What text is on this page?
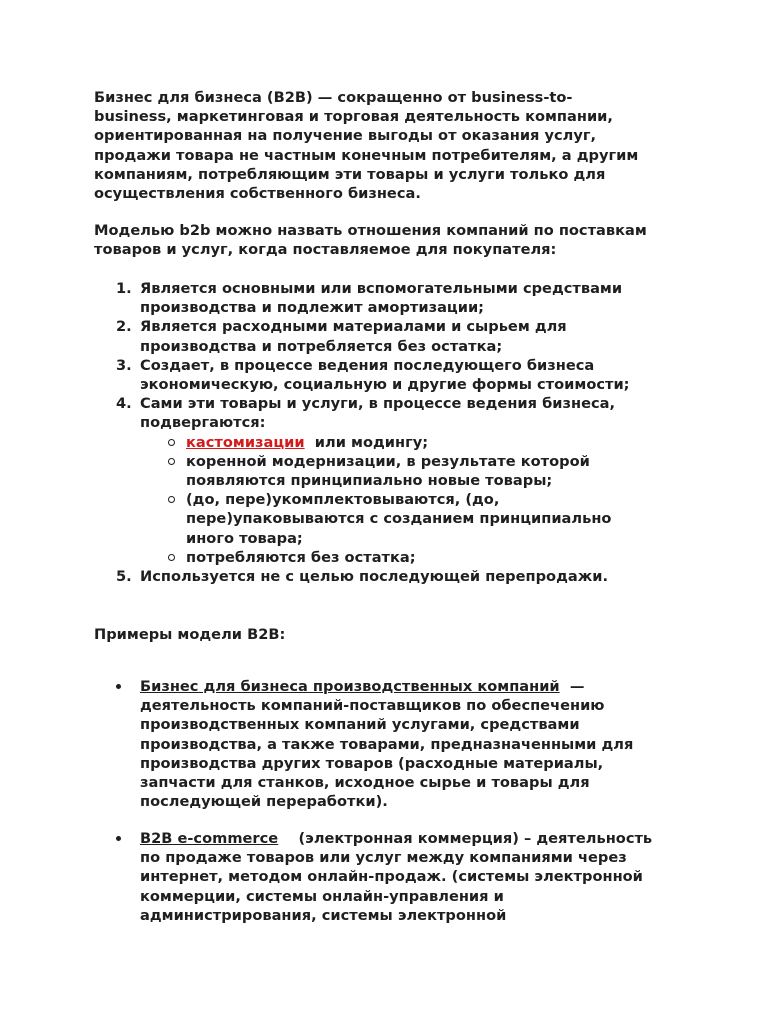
Бизнес для бизнеса (B2B) — сокращенно от business-to-
business, маркетинговая и торговая деятельность компании,
ориентированная на получение выгоды от оказания услуг,
продажи товара не частным конечным потребителям, а другим
компаниям, потребляющим эти товары и услуги только для
осуществления собственного бизнеса.
Моделью b2b можно назвать отношения компаний по поставкам
товаров и услуг, когда поставляемое для покупателя:
1. Является основными или вспомогательными средствами
производства и подлежит амортизации;
2. Является расходными материалами и сырьем для
производства и потребляется без остатка;
3. Создает, в процессе ведения последующего бизнеса
экономическую, социальную и другие формы стоимости;
4. Сами эти товары и услуги, в процессе ведения бизнеса,
подвергаются:
кастомизации  или модингу;
коренной модернизации, в результате которой
появляются принципиально новые товары;
(до, пере)укомплектовываются, (до,
пере)упаковываются с созданием принципиально
иного товара;
потребляются без остатка;
5. Используется не с целью последующей перепродажи.
Примеры модели B2B:
Бизнес для бизнеса производственных компаний  —
деятельность компаний-поставщиков по обеспечению
производственных компаний услугами, средствами
производства, а также товарами, предназначенными для
производства других товаров (расходные материалы,
запчасти для станков, исходное сырье и товары для
последующей переработки).
B2B e-commerce    (электронная коммерция) – деятельность
по продаже товаров или услуг между компаниями через
интернет, методом онлайн-продаж. (системы электронной
коммерции, системы онлайн-управления и
администрирования, системы электронной
